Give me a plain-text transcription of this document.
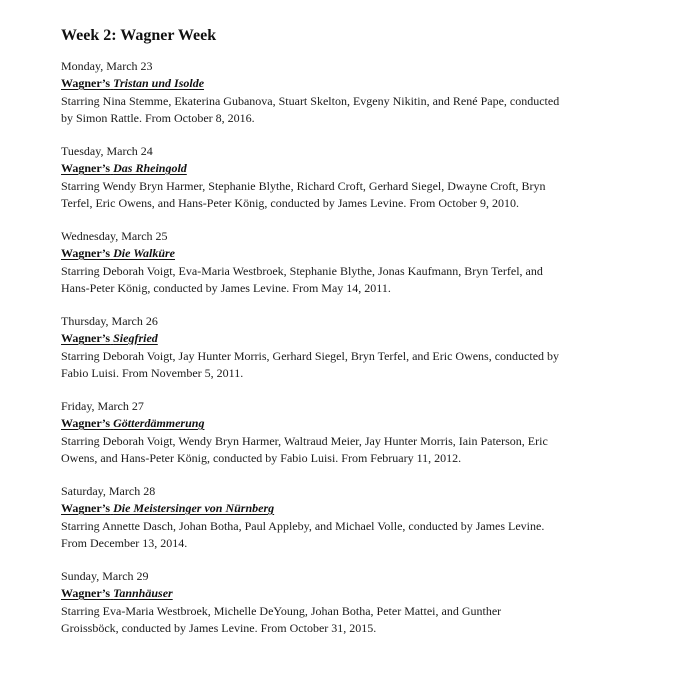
Week 2: Wagner Week

Monday, March 23

Wagner’s Tristan und Isolde

Starring Nina Stemme, Ekaterina Gubanova, Stuart Skelton, Evgeny Nikitin, and René Pape, conducted by Simon Rattle. From October 8, 2016.

Tuesday, March 24

Wagner’s Das Rheingold

Starring Wendy Bryn Harmer, Stephanie Blythe, Richard Croft, Gerhard Siegel, Dwayne Croft, Bryn Terfel, Eric Owens, and Hans-Peter König, conducted by James Levine. From October 9, 2010.

Wednesday, March 25

Wagner’s Die Walküre

Starring Deborah Voigt, Eva-Maria Westbroek, Stephanie Blythe, Jonas Kaufmann, Bryn Terfel, and Hans-Peter König, conducted by James Levine. From May 14, 2011.

Thursday, March 26

Wagner’s Siegfried

Starring Deborah Voigt, Jay Hunter Morris, Gerhard Siegel, Bryn Terfel, and Eric Owens, conducted by Fabio Luisi. From November 5, 2011.

Friday, March 27

Wagner’s Götterdämmerung

Starring Deborah Voigt, Wendy Bryn Harmer, Waltraud Meier, Jay Hunter Morris, Iain Paterson, Eric Owens, and Hans-Peter König, conducted by Fabio Luisi. From February 11, 2012.

Saturday, March 28

Wagner’s Die Meistersinger von Nürnberg

Starring Annette Dasch, Johan Botha, Paul Appleby, and Michael Volle, conducted by James Levine. From December 13, 2014.

Sunday, March 29

Wagner’s Tannhäuser

Starring Eva-Maria Westbroek, Michelle DeYoung, Johan Botha, Peter Mattei, and Gunther Groissböck, conducted by James Levine. From October 31, 2015.
